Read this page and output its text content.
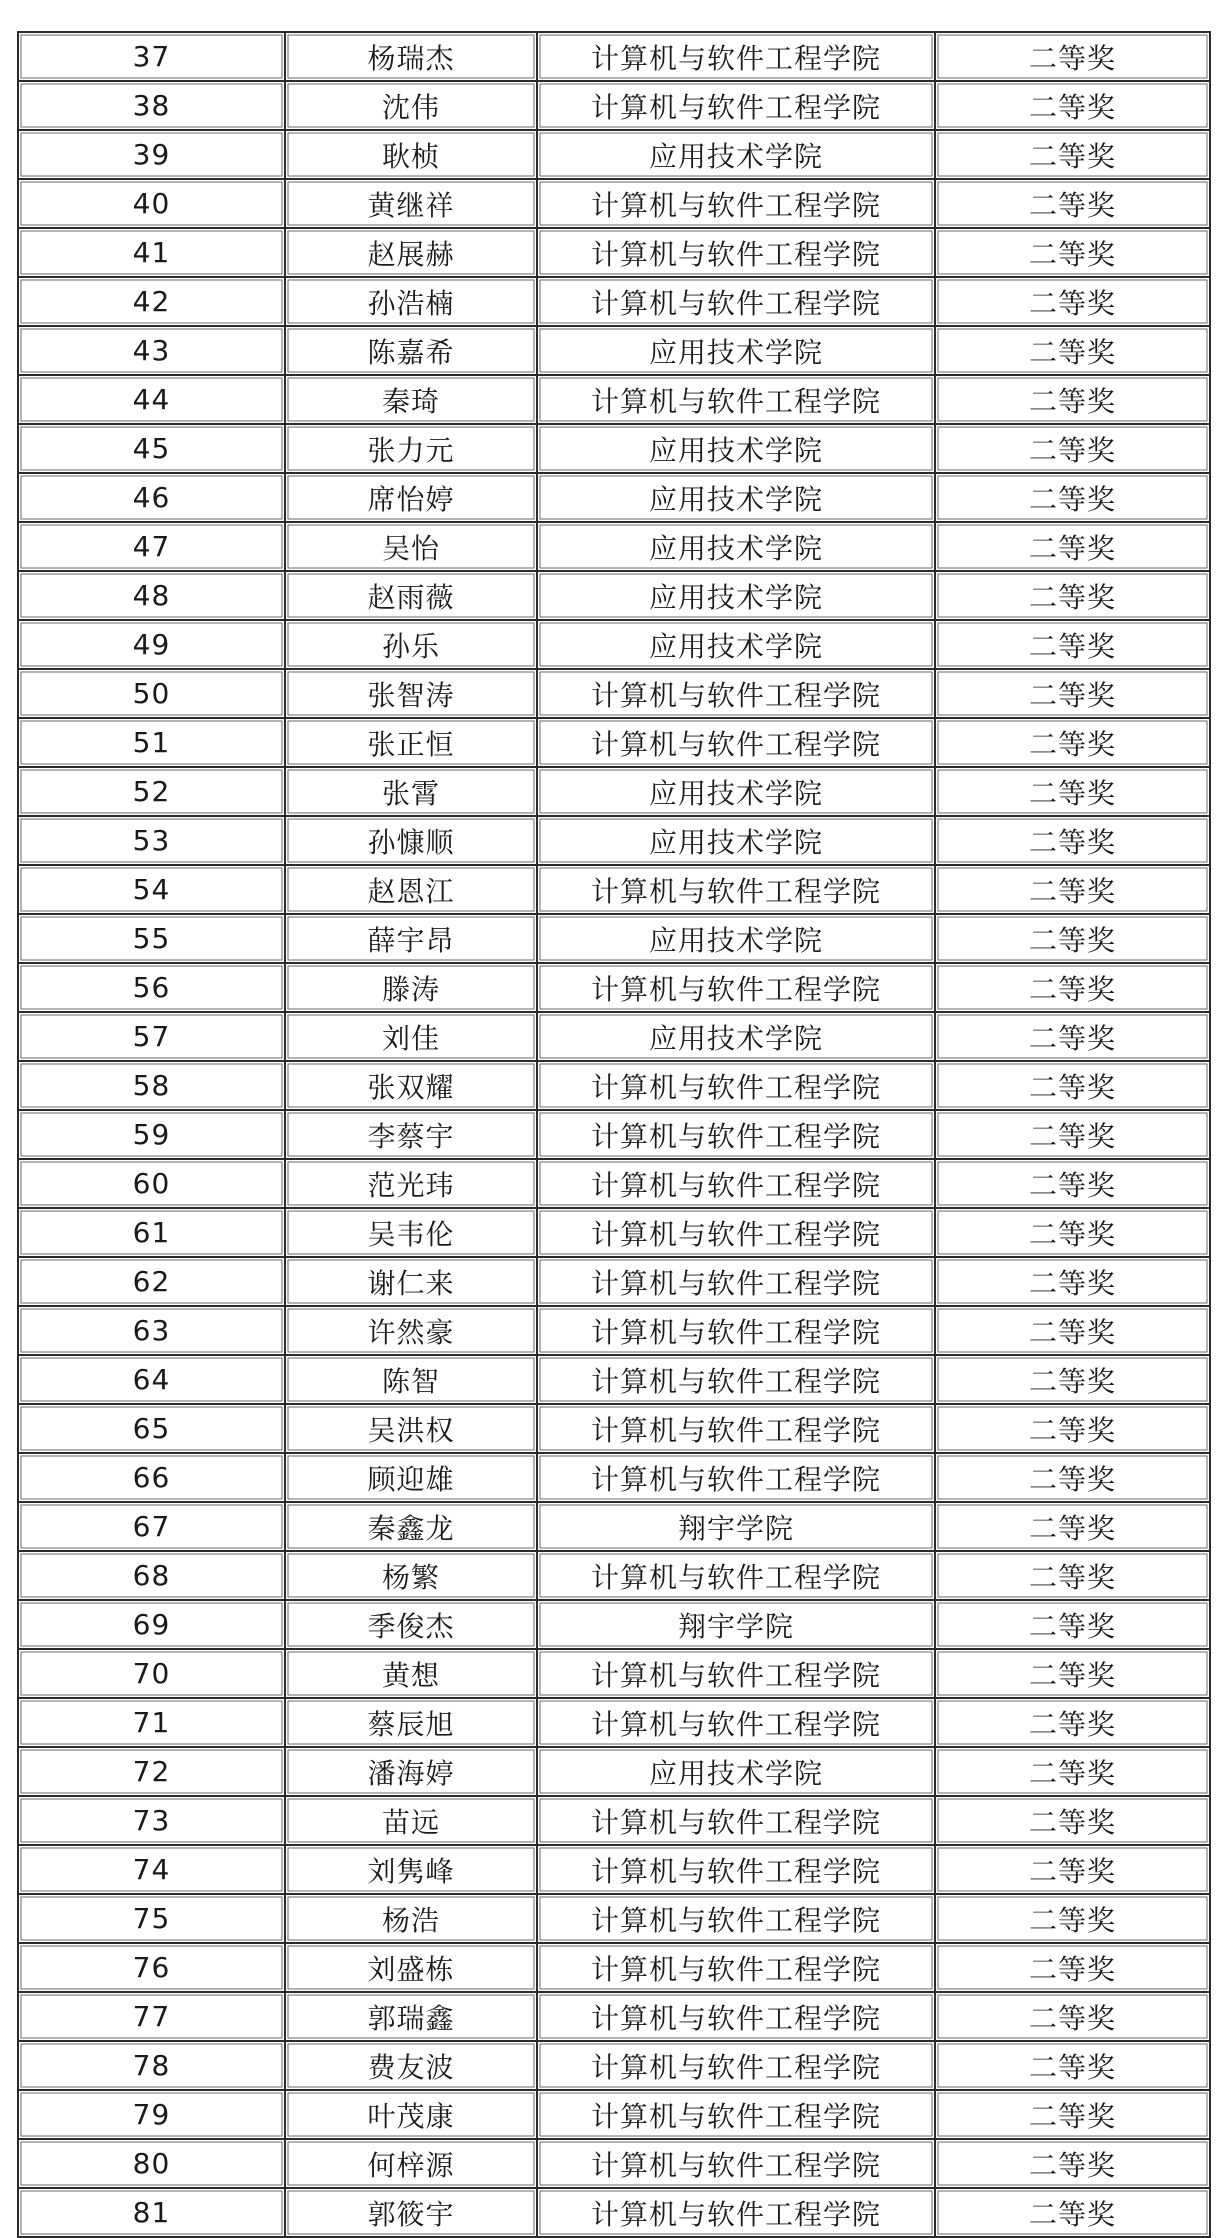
37	杨瑞杰	计算机与软件工程学院	二等奖
38	沈伟	计算机与软件工程学院	二等奖
39	耿桢	应用技术学院	二等奖
40	黄继祥	计算机与软件工程学院	二等奖
41	赵展赫	计算机与软件工程学院	二等奖
42	孙浩楠	计算机与软件工程学院	二等奖
43	陈嘉希	应用技术学院	二等奖
44	秦琦	计算机与软件工程学院	二等奖
45	张力元	应用技术学院	二等奖
46	席怡婷	应用技术学院	二等奖
47	吴怡	应用技术学院	二等奖
48	赵雨薇	应用技术学院	二等奖
49	孙乐	应用技术学院	二等奖
50	张智涛	计算机与软件工程学院	二等奖
51	张正恒	计算机与软件工程学院	二等奖
52	张霄	应用技术学院	二等奖
53	孙慷顺	应用技术学院	二等奖
54	赵恩江	计算机与软件工程学院	二等奖
55	薛宇昂	应用技术学院	二等奖
56	滕涛	计算机与软件工程学院	二等奖
57	刘佳	应用技术学院	二等奖
58	张双耀	计算机与软件工程学院	二等奖
59	李蔡宇	计算机与软件工程学院	二等奖
60	范光玮	计算机与软件工程学院	二等奖
61	吴韦伦	计算机与软件工程学院	二等奖
62	谢仁来	计算机与软件工程学院	二等奖
63	许然豪	计算机与软件工程学院	二等奖
64	陈智	计算机与软件工程学院	二等奖
65	吴洪权	计算机与软件工程学院	二等奖
66	顾迎雄	计算机与软件工程学院	二等奖
67	秦鑫龙	翔宇学院	二等奖
68	杨繁	计算机与软件工程学院	二等奖
69	季俊杰	翔宇学院	二等奖
70	黄想	计算机与软件工程学院	二等奖
71	蔡辰旭	计算机与软件工程学院	二等奖
72	潘海婷	应用技术学院	二等奖
73	苗远	计算机与软件工程学院	二等奖
74	刘隽峰	计算机与软件工程学院	二等奖
75	杨浩	计算机与软件工程学院	二等奖
76	刘盛栋	计算机与软件工程学院	二等奖
77	郭瑞鑫	计算机与软件工程学院	二等奖
78	费友波	计算机与软件工程学院	二等奖
79	叶茂康	计算机与软件工程学院	二等奖
80	何梓源	计算机与软件工程学院	二等奖
81	郭筱宇	计算机与软件工程学院	二等奖
